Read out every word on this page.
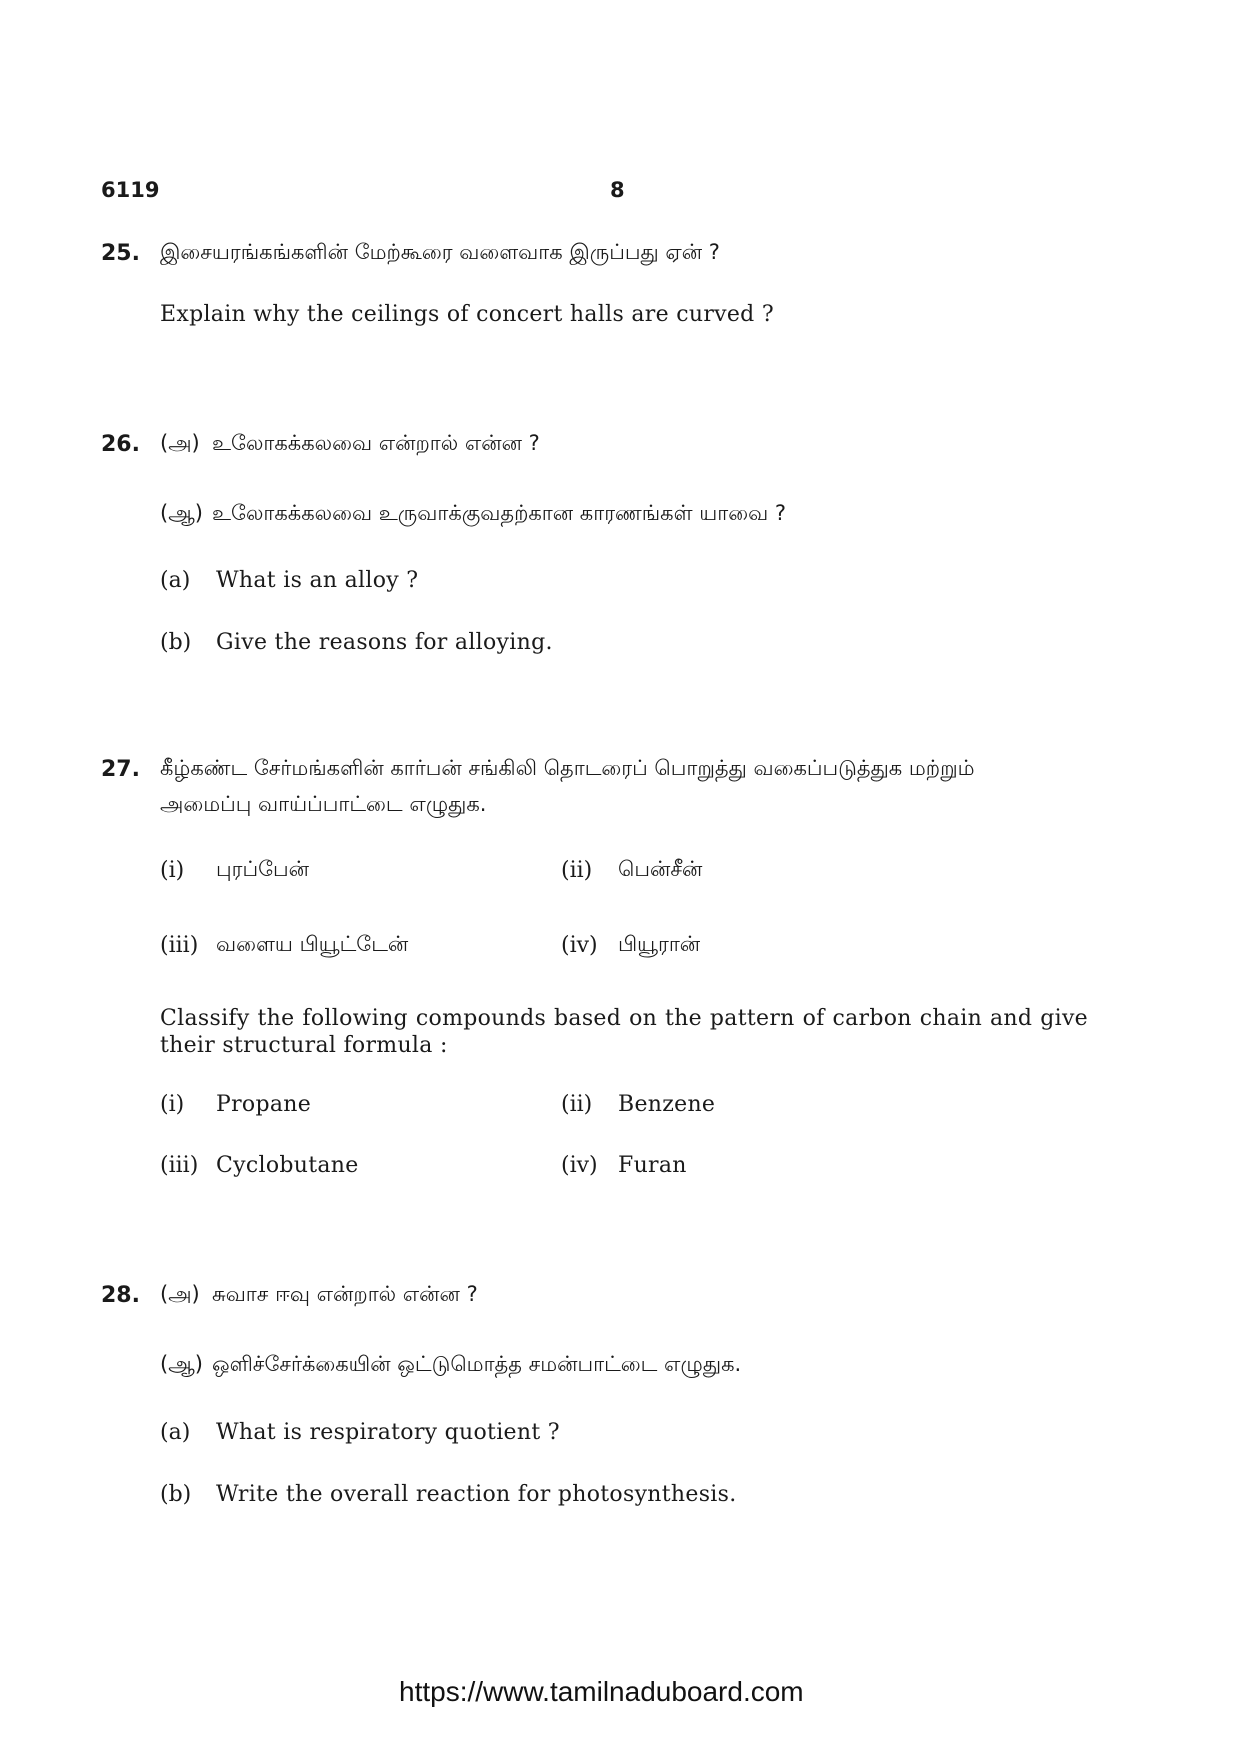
6119	8
25. இசையரங்கங்களின் மேற்கூரை வளைவாக இருப்பது ஏன் ?
Explain why the ceilings of concert halls are curved ?
26. (அ) உலோகக்கலவை என்றால் என்ன ?
(ஆ) உலோகக்கலவை உருவாக்குவதற்கான காரணங்கள் யாவை ?
(a) What is an alloy ?
(b) Give the reasons for alloying.
27. கீழ்கண்ட சேர்மங்களின் கார்பன் சங்கிலி தொடரைப் பொறுத்து வகைப்படுத்துக மற்றும்
அமைப்பு வாய்ப்பாட்டை எழுதுக.
(i) புரப்பேன்	(ii) பென்சீன்
(iii) வளைய பியூட்டேன்	(iv) பியூரான்
Classify the following compounds based on the pattern of carbon chain and give their structural formula :
(i) Propane	(ii) Benzene
(iii) Cyclobutane	(iv) Furan
28. (அ) சுவாச ஈவு என்றால் என்ன ?
(ஆ) ஒளிச்சேர்க்கையின் ஒட்டுமொத்த சமன்பாட்டை எழுதுக.
(a) What is respiratory quotient ?
(b) Write the overall reaction for photosynthesis.
https://www.tamilnaduboard.com
